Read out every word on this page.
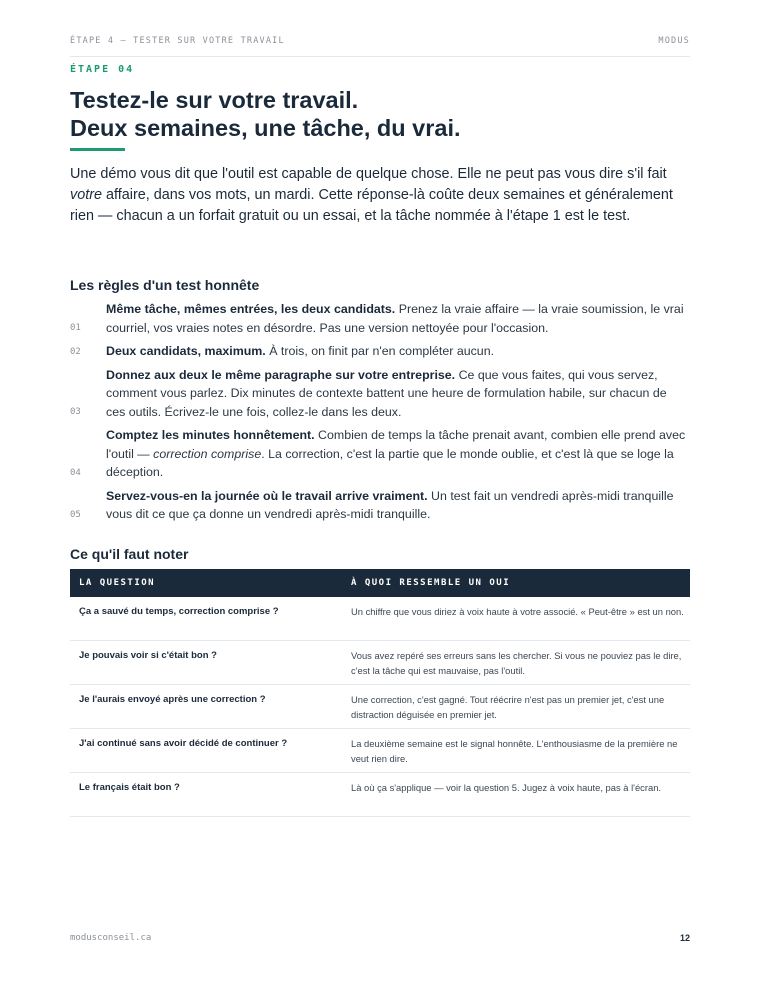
ÉTAPE 4 — TESTER SUR VOTRE TRAVAIL	MODUS
ÉTAPE 04
Testez-le sur votre travail.
Deux semaines, une tâche, du vrai.

Une démo vous dit que l'outil est capable de quelque chose. Elle ne peut pas vous dire s'il fait votre affaire, dans vos mots, un mardi. Cette réponse-là coûte deux semaines et généralement rien — chacun a un forfait gratuit ou un essai, et la tâche nommée à l'étape 1 est le test.

Les règles d'un test honnête
01
Même tâche, mêmes entrées, les deux candidats. Prenez la vraie affaire — la vraie soumission, le vrai courriel, vos vraies notes en désordre. Pas une version nettoyée pour l'occasion.
02	Deux candidats, maximum. À trois, on finit par n'en compléter aucun.
03
Donnez aux deux le même paragraphe sur votre entreprise. Ce que vous faites, qui vous servez, comment vous parlez. Dix minutes de contexte battent une heure de formulation habile, sur chacun de ces outils. Écrivez-le une fois, collez-le dans les deux.
04
Comptez les minutes honnêtement. Combien de temps la tâche prenait avant, combien elle prend avec l'outil — correction comprise. La correction, c'est la partie que le monde oublie, et c'est là que se loge la déception.
05
Servez-vous-en la journée où le travail arrive vraiment. Un test fait un vendredi après-midi tranquille vous dit ce que ça donne un vendredi après-midi tranquille.
Ce qu'il faut noter
LA QUESTION	À QUOI RESSEMBLE UN OUI
Ça a sauvé du temps, correction comprise ?	Un chiffre que vous diriez à voix haute à votre associé. « Peut-être » est un non.
Je pouvais voir si c'était bon ?	Vous avez repéré ses erreurs sans les chercher. Si vous ne pouviez pas le dire, c'est la tâche qui est mauvaise, pas l'outil.
Je l'aurais envoyé après une correction ?	Une correction, c'est gagné. Tout réécrire n'est pas un premier jet, c'est une distraction déguisée en premier jet.
J'ai continué sans avoir décidé de continuer ?	La deuxième semaine est le signal honnête. L'enthousiasme de la première ne veut rien dire.
Le français était bon ?	Là où ça s'applique — voir la question 5. Jugez à voix haute, pas à l'écran.
modusconseil.ca	12
